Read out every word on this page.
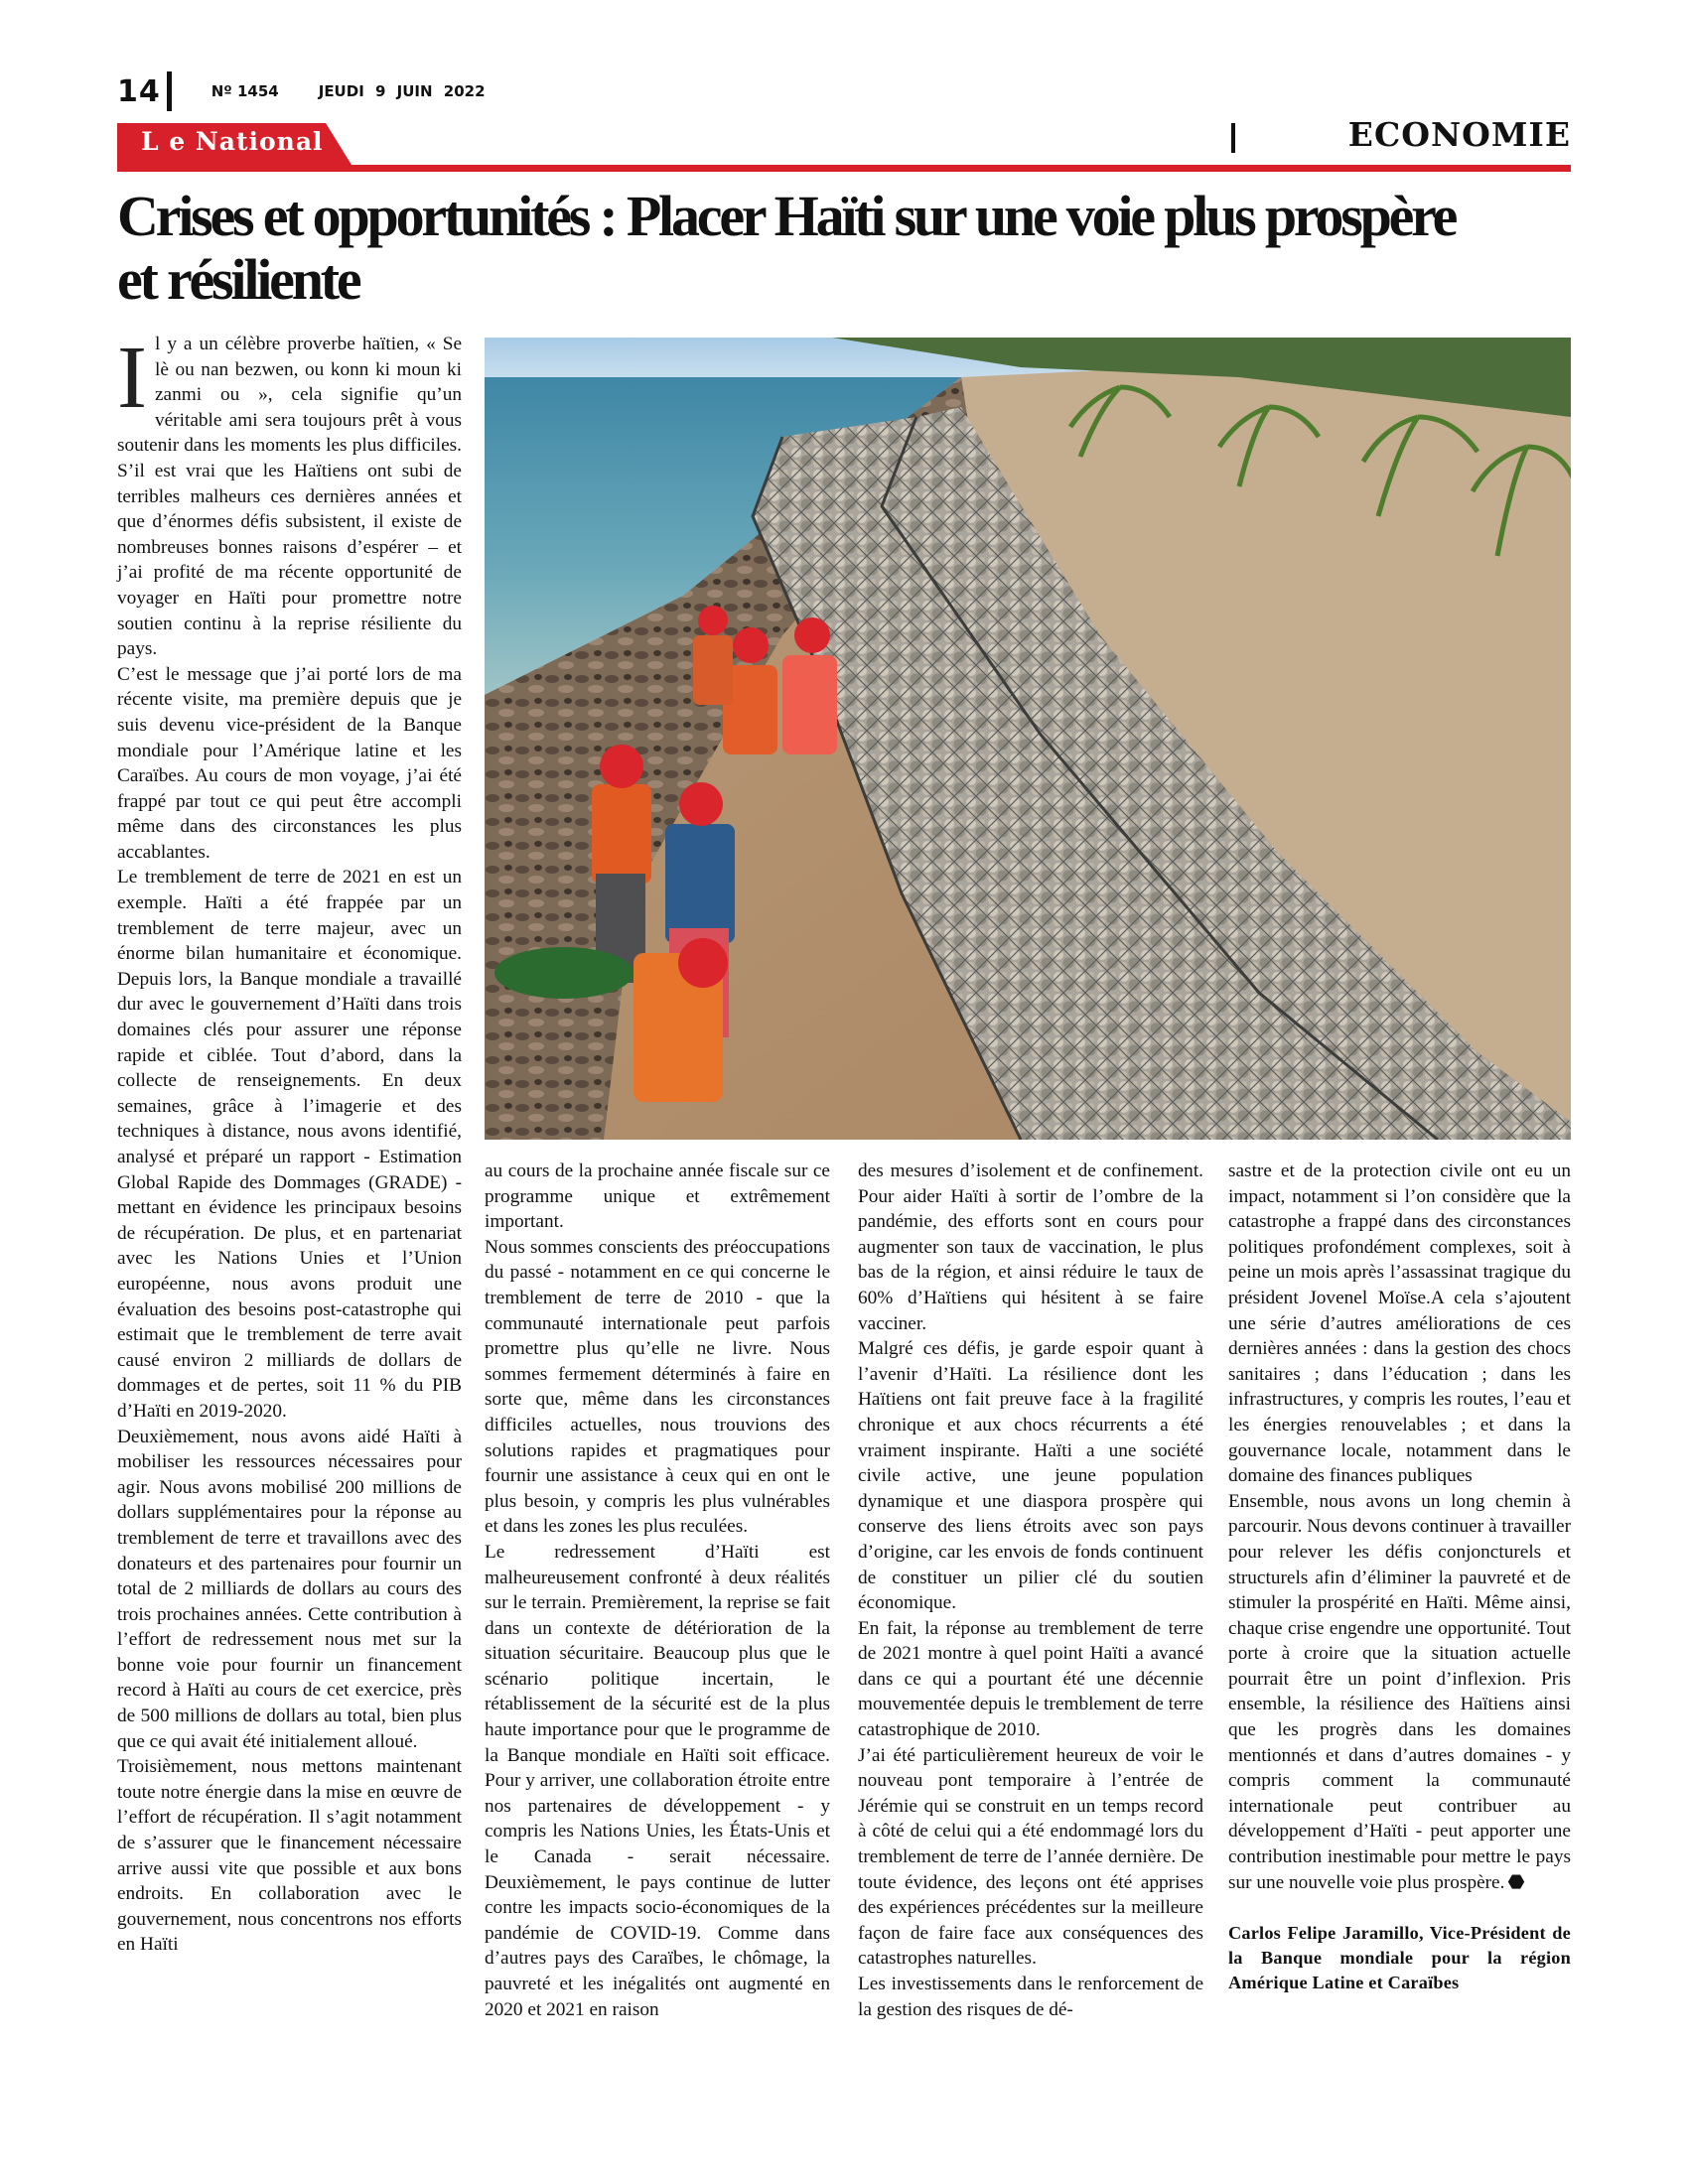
14	Nº 1454	JEUDI 9 JUIN 2022
L e National	ECONOMIE
Crises et opportunités : Placer Haïti sur une voie plus prospère
et résiliente
I l y a un célèbre proverbe haïtien, « Se lè ou nan bezwen, ou konn ki moun ki zanmi ou », cela signifie qu’un véritable ami sera toujours prêt à vous soutenir dans les moments les plus difficiles. S’il est vrai que les Haïtiens ont subi de terribles malheurs ces dernières années et que d’énormes défis subsistent, il existe de nombreuses bonnes raisons d’espérer – et j’ai profité de ma récente opportunité de voyager en Haïti pour promettre notre soutien continu à la reprise résiliente du pays.

C’est le message que j’ai porté lors de ma récente visite, ma première depuis que je suis devenu vice-président de la Banque mondiale pour l’Amérique latine et les Caraïbes. Au cours de mon voyage, j’ai été frappé par tout ce qui peut être accompli même dans des circonstances les plus accablantes.

Le tremblement de terre de 2021 en est un exemple. Haïti a été frappée par un tremblement de terre majeur, avec un énorme bilan humanitaire et économique. Depuis lors, la Banque mondiale a travaillé dur avec le gouvernement d’Haïti dans trois domaines clés pour assurer une réponse rapide et ciblée. Tout d’abord, dans la collecte de renseignements. En deux semaines, grâce à l’imagerie et des techniques à distance, nous avons identifié, analysé et préparé un rapport - Estimation Global Rapide des Dommages (GRADE) - mettant en évidence les principaux besoins de récupération. De plus, et en partenariat avec les Nations Unies et l’Union européenne, nous avons produit une évaluation des besoins post-catastrophe qui estimait que le tremblement de terre avait causé environ 2 milliards de dollars de dommages et de pertes, soit 11 % du PIB d’Haïti en 2019-2020.

Deuxièmement, nous avons aidé Haïti à mobiliser les ressources nécessaires pour agir. Nous avons mobilisé 200 millions de dollars supplémentaires pour la réponse au tremblement de terre et travaillons avec des donateurs et des partenaires pour fournir un total de 2 milliards de dollars au cours des trois prochaines années. Cette contribution à l’effort de redressement nous met sur la bonne voie pour fournir un financement record à Haïti au cours de cet exercice, près de 500 millions de dollars au total, bien plus que ce qui avait été initialement alloué.

Troisièmement, nous mettons maintenant toute notre énergie dans la mise en œuvre de l’effort de récupération. Il s’agit notamment de s’assurer que le financement nécessaire arrive aussi vite que possible et aux bons endroits. En collaboration avec le gouvernement, nous concentrons nos efforts en Haïti

au cours de la prochaine année fiscale sur ce programme unique et extrêmement important.

Nous sommes conscients des préoccupations du passé - notamment en ce qui concerne le tremblement de terre de 2010 - que la communauté internationale peut parfois promettre plus qu’elle ne livre. Nous sommes fermement déterminés à faire en sorte que, même dans les circonstances difficiles actuelles, nous trouvions des solutions rapides et pragmatiques pour fournir une assistance à ceux qui en ont le plus besoin, y compris les plus vulnérables et dans les zones les plus reculées.

Le redressement d’Haïti est malheureusement confronté à deux réalités sur le terrain. Premièrement, la reprise se fait dans un contexte de détérioration de la situation sécuritaire. Beaucoup plus que le scénario politique incertain, le rétablissement de la sécurité est de la plus haute importance pour que le programme de la Banque mondiale en Haïti soit efficace. Pour y arriver, une collaboration étroite entre nos partenaires de développement - y compris les Nations Unies, les États-Unis et le Canada - serait nécessaire. Deuxièmement, le pays continue de lutter contre les impacts socio-économiques de la pandémie de COVID-19. Comme dans d’autres pays des Caraïbes, le chômage, la pauvreté et les inégalités ont augmenté en 2020 et 2021 en raison

des mesures d’isolement et de confinement. Pour aider Haïti à sortir de l’ombre de la pandémie, des efforts sont en cours pour augmenter son taux de vaccination, le plus bas de la région, et ainsi réduire le taux de 60% d’Haïtiens qui hésitent à se faire vacciner.

Malgré ces défis, je garde espoir quant à l’avenir d’Haïti. La résilience dont les Haïtiens ont fait preuve face à la fragilité chronique et aux chocs récurrents a été vraiment inspirante. Haïti a une société civile active, une jeune population dynamique et une diaspora prospère qui conserve des liens étroits avec son pays d’origine, car les envois de fonds continuent de constituer un pilier clé du soutien économique.

En fait, la réponse au tremblement de terre de 2021 montre à quel point Haïti a avancé dans ce qui a pourtant été une décennie mouvementée depuis le tremblement de terre catastrophique de 2010.

J’ai été particulièrement heureux de voir le nouveau pont temporaire à l’entrée de Jérémie qui se construit en un temps record à côté de celui qui a été endommagé lors du tremblement de terre de l’année dernière. De toute évidence, des leçons ont été apprises des expériences précédentes sur la meilleure façon de faire face aux conséquences des catastrophes naturelles.

Les investissements dans le renforcement de la gestion des risques de dé-

sastre et de la protection civile ont eu un impact, notamment si l’on considère que la catastrophe a frappé dans des circonstances politiques profondément complexes, soit à peine un mois après l’assassinat tragique du président Jovenel Moïse.A cela s’ajoutent une série d’autres améliorations de ces dernières années : dans la gestion des chocs sanitaires ; dans l’éducation ; dans les infrastructures, y compris les routes, l’eau et les énergies renouvelables ; et dans la gouvernance locale, notamment dans le domaine des finances publiques

Ensemble, nous avons un long chemin à parcourir. Nous devons continuer à travailler pour relever les défis conjoncturels et structurels afin d’éliminer la pauvreté et de stimuler la prospérité en Haïti. Même ainsi, chaque crise engendre une opportunité. Tout porte à croire que la situation actuelle pourrait être un point d’inflexion. Pris ensemble, la résilience des Haïtiens ainsi que les progrès dans les domaines mentionnés et dans d’autres domaines - y compris comment la communauté internationale peut contribuer au développement d’Haïti - peut apporter une contribution inestimable pour mettre le pays sur une nouvelle voie plus prospère. ⬣

Carlos Felipe Jaramillo, Vice-Président de la Banque mondiale pour la région Amérique Latine et Caraïbes
